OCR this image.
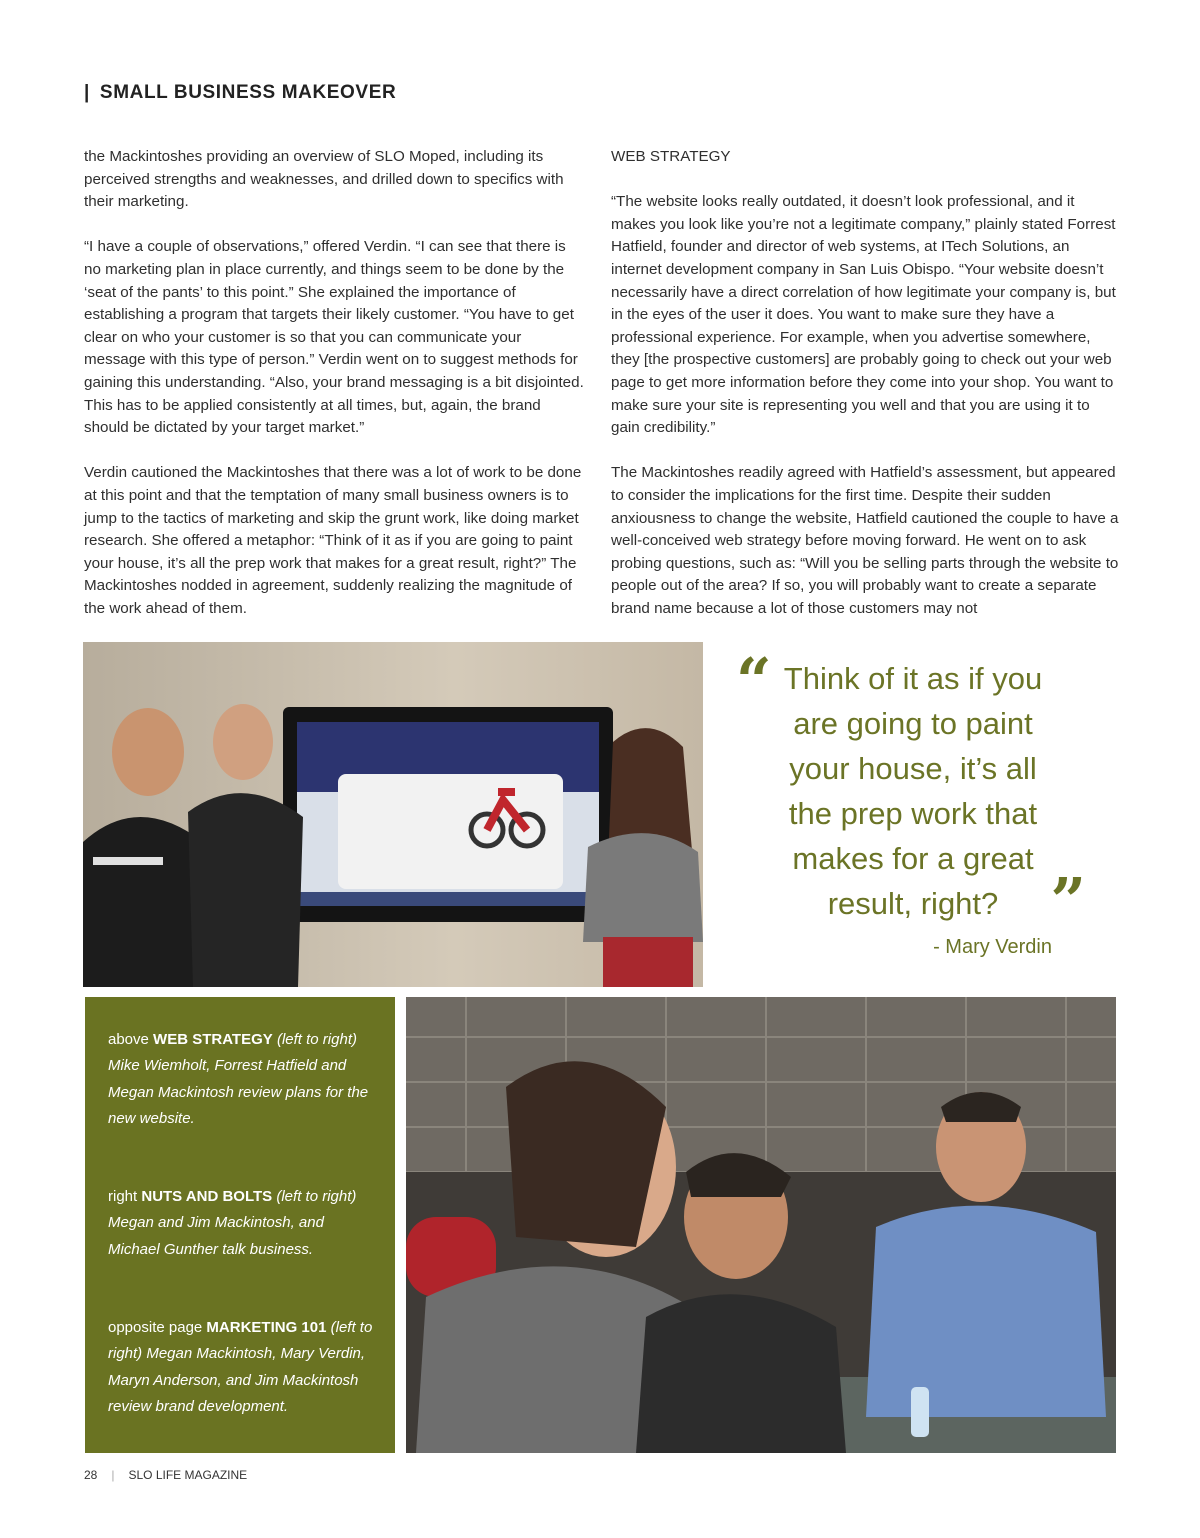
| SMALL BUSINESS MAKEOVER

the Mackintoshes providing an overview of SLO Moped, including its perceived strengths and weaknesses, and drilled down to specifics with their marketing.

“I have a couple of observations,” offered Verdin. “I can see that there is no marketing plan in place currently, and things seem to be done by the ‘seat of the pants’ to this point.” She explained the importance of establishing a program that targets their likely customer. “You have to get clear on who your customer is so that you can communicate your message with this type of person.” Verdin went on to suggest methods for gaining this understanding. “Also, your brand messaging is a bit disjointed. This has to be applied consistently at all times, but, again, the brand should be dictated by your target market.”

Verdin cautioned the Mackintoshes that there was a lot of work to be done at this point and that the temptation of many small business owners is to jump to the tactics of marketing and skip the grunt work, like doing market research. She offered a metaphor: “Think of it as if you are going to paint your house, it’s all the prep work that makes for a great result, right?” The Mackintoshes nodded in agreement, suddenly realizing the magnitude of the work ahead of them.

WEB STRATEGY

“The website looks really outdated, it doesn’t look professional, and it makes you look like you’re not a legitimate company,” plainly stated Forrest Hatfield, founder and director of web systems, at ITech Solutions, an internet development company in San Luis Obispo. “Your website doesn’t necessarily have a direct correlation of how legitimate your company is, but in the eyes of the user it does. You want to make sure they have a professional experience. For example, when you advertise somewhere, they [the prospective customers] are probably going to check out your web page to get more information before they come into your shop. You want to make sure your site is representing you well and that you are using it to gain credibility.”

The Mackintoshes readily agreed with Hatfield’s assessment, but appeared to consider the implications for the first time. Despite their sudden anxiousness to change the website, Hatfield cautioned the couple to have a well-conceived web strategy before moving forward. He went on to ask probing questions, such as: “Will you be selling parts through the website to people out of the area? If so, you will probably want to create a separate brand name because a lot of those customers may not

“ Think of it as if you are going to paint your house, it’s all the prep work that makes for a great result, right? ”
- Mary Verdin

above WEB STRATEGY (left to right) Mike Wiemholt, Forrest Hatfield and Megan Mackintosh review plans for the new website.

right NUTS AND BOLTS (left to right) Megan and Jim Mackintosh, and Michael Gunther talk business.

opposite page MARKETING 101 (left to right) Megan Mackintosh, Mary Verdin, Maryn Anderson, and Jim Mackintosh review brand development.

28 | SLO LIFE MAGAZINE
